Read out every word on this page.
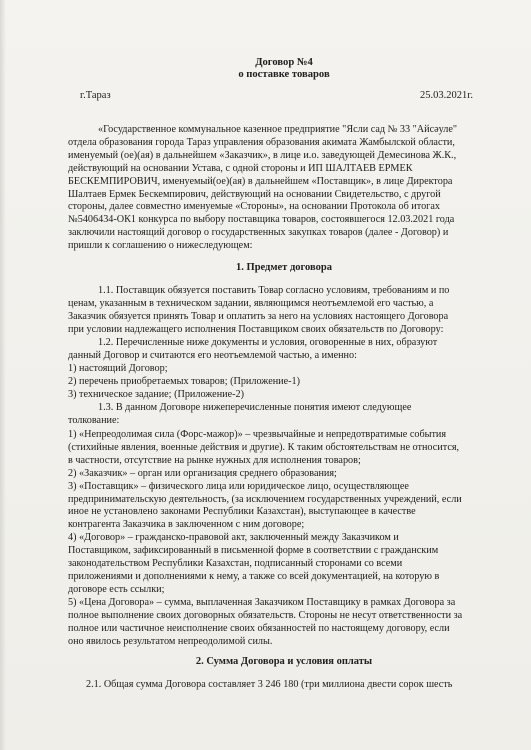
Договор №4
о поставке товаров
г.Тараз	25.03.2021г.

«Государственное коммунальное казенное предприятие "Ясли сад № 33 "Айсәуле"

отдела образования города Тараз управления образования акимата Жамбылской области,

именуемый (ое)(ая) в дальнейшем «Заказчик», в лице и.о. заведующей Демесинова Ж.К.,

действующий на основании Устава, с одной стороны и ИП ШАЛТАЕВ ЕРМЕК

БЕСКЕМПИРОВИЧ, именуемый(ое)(ая) в дальнейшем «Поставщик», в лице Директора

Шалтаев Ермек Бескемпирович, действующий на основании Свидетельство, с другой

стороны, далее совместно именуемые «Стороны», на основании Протокола об итогах

№5406434-ОК1 конкурса по выбору поставщика товаров, состоявшегося 12.03.2021 года

заключили настоящий договор о государственных закупках товаров (далее - Договор) и

пришли к соглашению о нижеследующем:

1. Предмет договора

1.1. Поставщик обязуется поставить Товар согласно условиям, требованиям и по

ценам, указанным в техническом задании, являющимся неотъемлемой его частью, а

Заказчик обязуется принять Товар и оплатить за него на условиях настоящего Договора

при условии надлежащего исполнения Поставщиком своих обязательств по Договору:

1.2. Перечисленные ниже документы и условия, оговоренные в них, образуют

данный Договор и считаются его неотъемлемой частью, а именно:

1) настоящий Договор;

2) перечень приобретаемых товаров; (Приложение-1)

3) техническое задание; (Приложение-2)

1.3. В данном Договоре нижеперечисленные понятия имеют следующее

толкование:

1) «Непреодолимая сила (Форс-мажор)» – чрезвычайные и непредотвратимые события

(стихийные явления, военные действия и другие). К таким обстоятельствам не относится,

в частности, отсутствие на рынке нужных для исполнения товаров;

2) «Заказчик» – орган или организация среднего образования;

3) «Поставщик» – физического лица или юридическое лицо, осуществляющее

предпринимательскую деятельность, (за исключением государственных учреждений, если

иное не установлено законами Республики Казахстан), выступающее в качестве

контрагента Заказчика в заключенном с ним договоре;

4) «Договор» – гражданско-правовой акт, заключенный между Заказчиком и

Поставщиком, зафиксированный в письменной форме в соответствии с гражданским

законодательством Республики Казахстан, подписанный сторонами со всеми

приложениями и дополнениями к нему, а также со всей документацией, на которую в

договоре есть ссылки;

5) «Цена Договора» – сумма, выплаченная Заказчиком Поставщику в рамках Договора за

полное выполнение своих договорных обязательств. Стороны не несут ответственности за

полное или частичное неисполнение своих обязанностей по настоящему договору, если

оно явилось результатом непреодолимой силы.

2. Сумма Договора и условия оплаты
2.1. Общая сумма Договора составляет 3 246 180 (три миллиона двести сорок шесть
